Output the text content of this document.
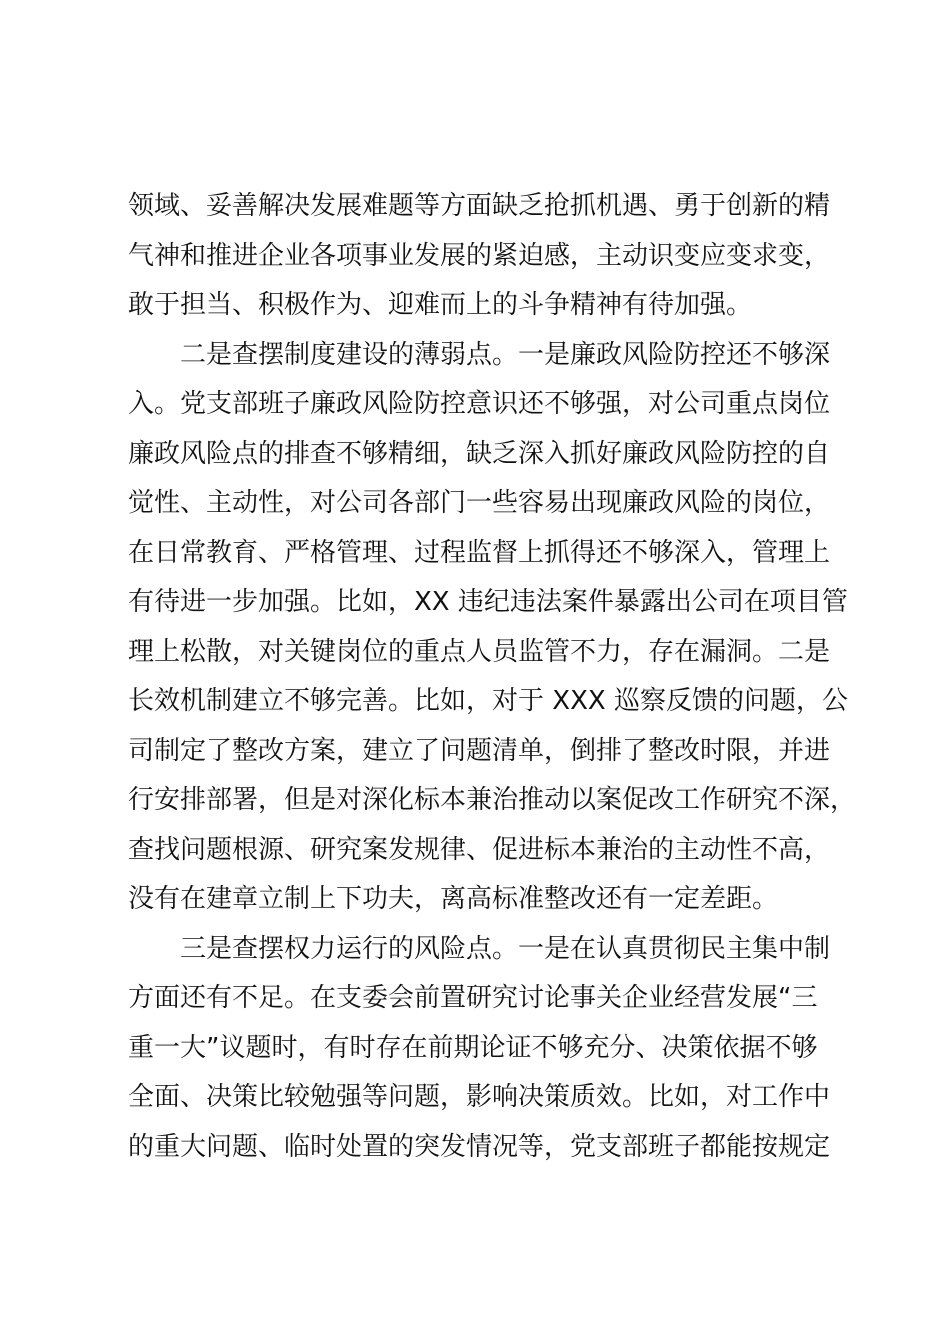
领域、妥善解决发展难题等方面缺乏抢抓机遇、勇于创新的精
气神和推进企业各项事业发展的紧迫感，主动识变应变求变，
敢于担当、积极作为、迎难而上的斗争精神有待加强。
二是查摆制度建设的薄弱点。一是廉政风险防控还不够深
入。党支部班子廉政风险防控意识还不够强，对公司重点岗位
廉政风险点的排查不够精细，缺乏深入抓好廉政风险防控的自
觉性、主动性，对公司各部门一些容易出现廉政风险的岗位，
在日常教育、严格管理、过程监督上抓得还不够深入，管理上
有待进一步加强。比如，XX 违纪违法案件暴露出公司在项目管
理上松散，对关键岗位的重点人员监管不力，存在漏洞。二是
长效机制建立不够完善。比如，对于 XXX 巡察反馈的问题，公
司制定了整改方案，建立了问题清单，倒排了整改时限，并进
行安排部署，但是对深化标本兼治推动以案促改工作研究不深，
查找问题根源、研究案发规律、促进标本兼治的主动性不高，
没有在建章立制上下功夫，离高标准整改还有一定差距。
三是查摆权力运行的风险点。一是在认真贯彻民主集中制
方面还有不足。在支委会前置研究讨论事关企业经营发展“三
重一大”议题时，有时存在前期论证不够充分、决策依据不够
全面、决策比较勉强等问题，影响决策质效。比如，对工作中
的重大问题、临时处置的突发情况等，党支部班子都能按规定
